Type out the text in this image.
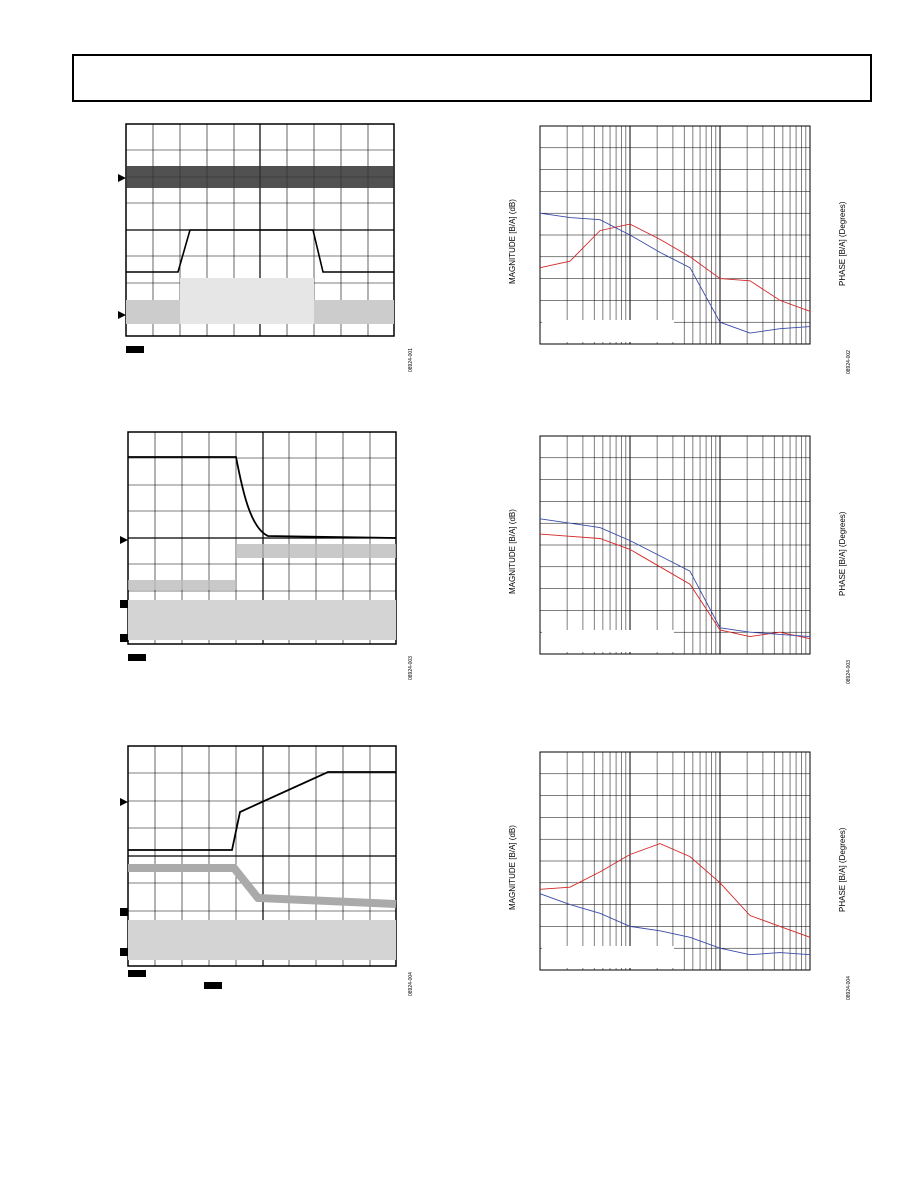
08924-001
08924-003
08924-004
MAGNITUDE [B/A] (dB)	PHASE [B/A] (Degrees)
08924-002
MAGNITUDE [B/A] (dB)	PHASE [B/A] (Degrees)
08924-003
MAGNITUDE [B/A] (dB)	PHASE [B/A] (Degrees)
08924-004
